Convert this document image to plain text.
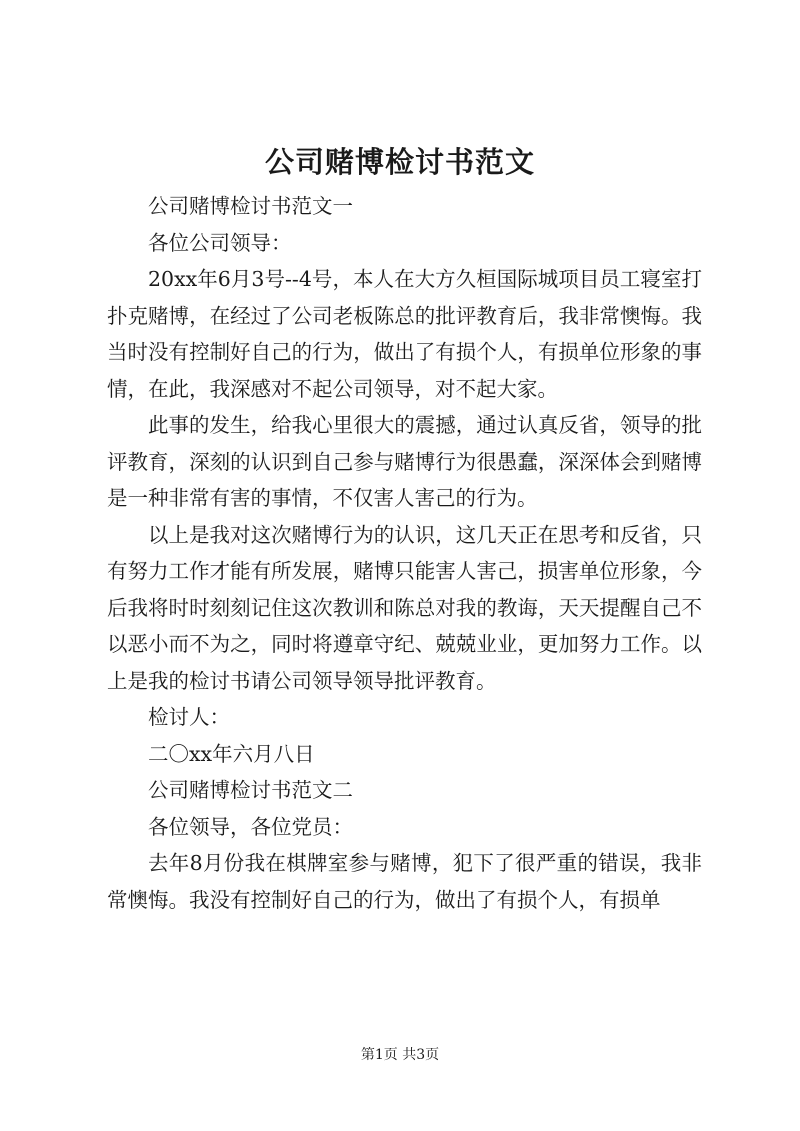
公司赌博检讨书范文

公司赌博检讨书范文一

各位公司领导：

20xx年6月3号--4号，本人在大方久桓国际城项目员工寝室打扑克赌博，在经过了公司老板陈总的批评教育后，我非常懊悔。我当时没有控制好自己的行为，做出了有损个人，有损单位形象的事情，在此，我深感对不起公司领导，对不起大家。

此事的发生，给我心里很大的震撼，通过认真反省，领导的批评教育，深刻的认识到自己参与赌博行为很愚蠢，深深体会到赌博是一种非常有害的事情，不仅害人害己的行为。

以上是我对这次赌博行为的认识，这几天正在思考和反省，只有努力工作才能有所发展，赌博只能害人害己，损害单位形象，今后我将时时刻刻记住这次教训和陈总对我的教诲，天天提醒自己不以恶小而不为之，同时将遵章守纪、兢兢业业，更加努力工作。以上是我的检讨书请公司领导领导批评教育。

检讨人：

二〇xx年六月八日

公司赌博检讨书范文二

各位领导，各位党员：

去年8月份我在棋牌室参与赌博，犯下了很严重的错误，我非常懊悔。我没有控制好自己的行为，做出了有损个人，有损单

第1页 共3页
